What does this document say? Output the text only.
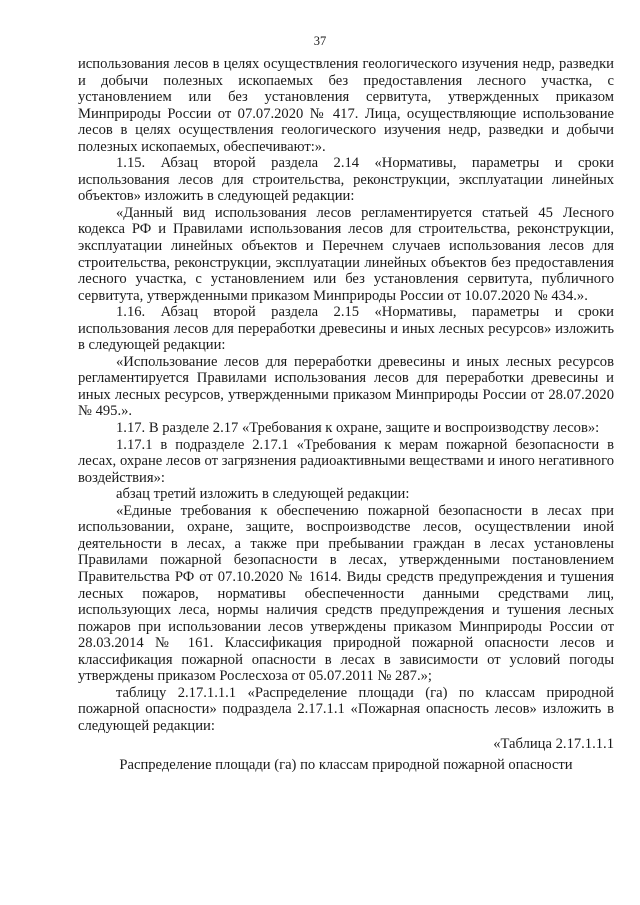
37

использования лесов в целях осуществления геологического изучения недр, разведки и добычи полезных ископаемых без предоставления лесного участка, с установлением или без установления сервитута, утвержденных приказом Минприроды России от 07.07.2020 № 417. Лица, осуществляющие использование лесов в целях осуществления геологического изучения недр, разведки и добычи полезных ископаемых, обеспечивают:».

1.15. Абзац второй раздела 2.14 «Нормативы, параметры и сроки использования лесов для строительства, реконструкции, эксплуатации линейных объектов» изложить в следующей редакции:

«Данный вид использования лесов регламентируется статьей 45 Лесного кодекса РФ и Правилами использования лесов для строительства, реконструкции, эксплуатации линейных объектов и Перечнем случаев использования лесов для строительства, реконструкции, эксплуатации линейных объектов без предоставления лесного участка, с установлением или без установления сервитута, публичного сервитута, утвержденными приказом Минприроды России от 10.07.2020 № 434.».

1.16. Абзац второй раздела 2.15 «Нормативы, параметры и сроки использования лесов для переработки древесины и иных лесных ресурсов» изложить в следующей редакции:

«Использование лесов для переработки древесины и иных лесных ресурсов регламентируется Правилами использования лесов для переработки древесины и иных лесных ресурсов, утвержденными приказом Минприроды России от 28.07.2020 № 495.».

1.17. В разделе 2.17 «Требования к охране, защите и воспроизводству лесов»:

1.17.1 в подразделе 2.17.1 «Требования к мерам пожарной безопасности в лесах, охране лесов от загрязнения радиоактивными веществами и иного негативного воздействия»:

абзац третий изложить в следующей редакции:

«Единые требования к обеспечению пожарной безопасности в лесах при использовании, охране, защите, воспроизводстве лесов, осуществлении иной деятельности в лесах, а также при пребывании граждан в лесах установлены Правилами пожарной безопасности в лесах, утвержденными постановлением Правительства РФ от 07.10.2020 № 1614. Виды средств предупреждения и тушения лесных пожаров, нормативы обеспеченности данными средствами лиц, использующих леса, нормы наличия средств предупреждения и тушения лесных пожаров при использовании лесов утверждены приказом Минприроды России от 28.03.2014 № 161. Классификация природной пожарной опасности лесов и классификация пожарной опасности в лесах в зависимости от условий погоды утверждены приказом Рослесхоза от 05.07.2011 № 287.»;

таблицу 2.17.1.1.1 «Распределение площади (га) по классам природной пожарной опасности» подраздела 2.17.1.1 «Пожарная опасность лесов» изложить в следующей редакции:

«Таблица 2.17.1.1.1

Распределение площади (га) по классам природной пожарной опасности
